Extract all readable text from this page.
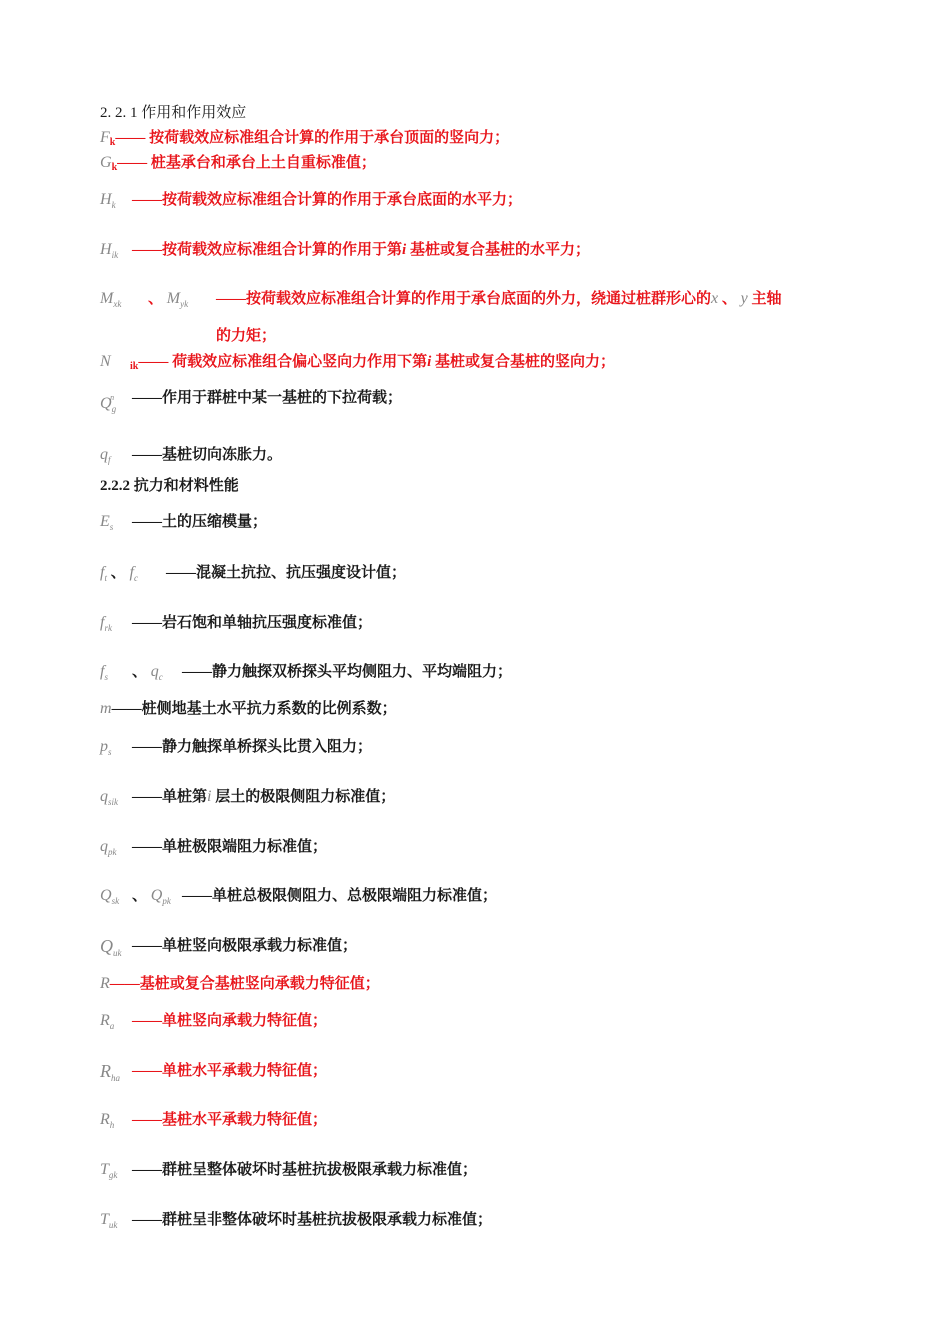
2. 2. 1 作用和作用效应
$F_k——$ 按荷载效应标准组合计算的作用于承台顶面的竖向力；
$G_k——$ 桩基承台和承台上土自重标准值；
$H_k$ ——按荷载效应标准组合计算的作用于承台底面的水平力；
$H_{ik}$ ——按荷载效应标准组合计算的作用于第i 基桩或复合基桩的水平力；
$M_{xk}$ 、 $M_{yk}$ ——按荷载效应标准组合计算的作用于承台底面的外力，绕通过桩群形心的x 、 y 主轴
的力矩；
N $_{ik}$—— 荷载效应标准组合偏心竖向力作用下第i 基桩或复合基桩的竖向力；
$Q_g^n$ ——作用于群桩中某一基桩的下拉荷载；
$q_f$ ——基桩切向冻胀力。
2.2.2 抗力和材料性能
$E_s$ ——土的压缩模量；
$f_t$ 、 $f_c$ ——混凝土抗拉、抗压强度设计值；
$f_{rk}$ ——岩石饱和单轴抗压强度标准值；
$f_s$ 、 $q_c$ ——静力触探双桥探头平均侧阻力、平均端阻力；
m——桩侧地基土水平抗力系数的比例系数；
$p_s$ ——静力触探单桥探头比贯入阻力；
$q_{sik}$ ——单桩第i 层土的极限侧阻力标准值；
$q_{pk}$ ——单桩极限端阻力标准值；
$Q_{sk}$ 、 $Q_{pk}$ ——单桩总极限侧阻力、总极限端阻力标准值；
$Q_{uk}$ ——单桩竖向极限承载力标准值；
R——基桩或复合基桩竖向承载力特征值；
$R_a$ ——单桩竖向承载力特征值；
$R_{ha}$ ——单桩水平承载力特征值；
$R_h$ ——基桩水平承载力特征值；
$T_{gk}$ ——群桩呈整体破坏时基桩抗拔极限承载力标准值；
$T_{uk}$ ——群桩呈非整体破坏时基桩抗拔极限承载力标准值；
